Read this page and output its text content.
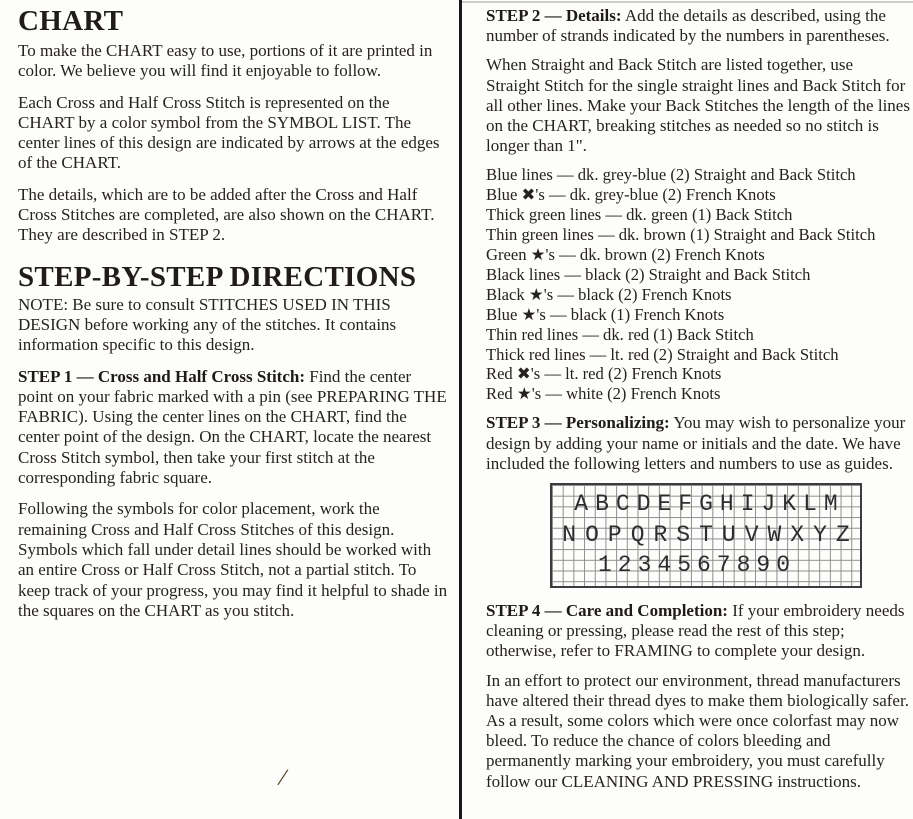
CHART

To make the CHART easy to use, portions of it are printed in color. We believe you will find it enjoyable to follow.

Each Cross and Half Cross Stitch is represented on the CHART by a color symbol from the SYMBOL LIST. The center lines of this design are indicated by arrows at the edges of the CHART.

The details, which are to be added after the Cross and Half Cross Stitches are completed, are also shown on the CHART. They are described in STEP 2.

STEP-BY-STEP DIRECTIONS

NOTE: Be sure to consult STITCHES USED IN THIS DESIGN before working any of the stitches. It contains information specific to this design.

STEP 1 — Cross and Half Cross Stitch: Find the center point on your fabric marked with a pin (see PREPARING THE FABRIC). Using the center lines on the CHART, find the center point of the design. On the CHART, locate the nearest Cross Stitch symbol, then take your first stitch at the corresponding fabric square.

Following the symbols for color placement, work the remaining Cross and Half Cross Stitches of this design. Symbols which fall under detail lines should be worked with an entire Cross or Half Cross Stitch, not a partial stitch. To keep track of your progress, you may find it helpful to shade in the squares on the CHART as you stitch.

/

STEP 2 — Details: Add the details as described, using the number of strands indicated by the numbers in parentheses.

When Straight and Back Stitch are listed together, use Straight Stitch for the single straight lines and Back Stitch for all other lines. Make your Back Stitches the length of the lines on the CHART, breaking stitches as needed so no stitch is longer than 1".

Blue lines — dk. grey-blue (2) Straight and Back Stitch
Blue ✖'s — dk. grey-blue (2) French Knots
Thick green lines — dk. green (1) Back Stitch
Thin green lines — dk. brown (1) Straight and Back Stitch
Green ★'s — dk. brown (2) French Knots
Black lines — black (2) Straight and Back Stitch
Black ★'s — black (2) French Knots
Blue ★'s — black (1) French Knots
Thin red lines — dk. red (1) Back Stitch
Thick red lines — lt. red (2) Straight and Back Stitch
Red ✖'s — lt. red (2) French Knots
Red ★'s — white (2) French Knots

STEP 3 — Personalizing: You may wish to personalize your design by adding your name or initials and the date. We have included the following letters and numbers to use as guides.

ABCDEFGHIJKLM
NOPQRSTUVWXYZ
1234567890

STEP 4 — Care and Completion: If your embroidery needs cleaning or pressing, please read the rest of this step; otherwise, refer to FRAMING to complete your design.

In an effort to protect our environment, thread manufacturers have altered their thread dyes to make them biologically safer. As a result, some colors which were once colorfast may now bleed. To reduce the chance of colors bleeding and permanently marking your embroidery, you must carefully follow our CLEANING AND PRESSING instructions.
